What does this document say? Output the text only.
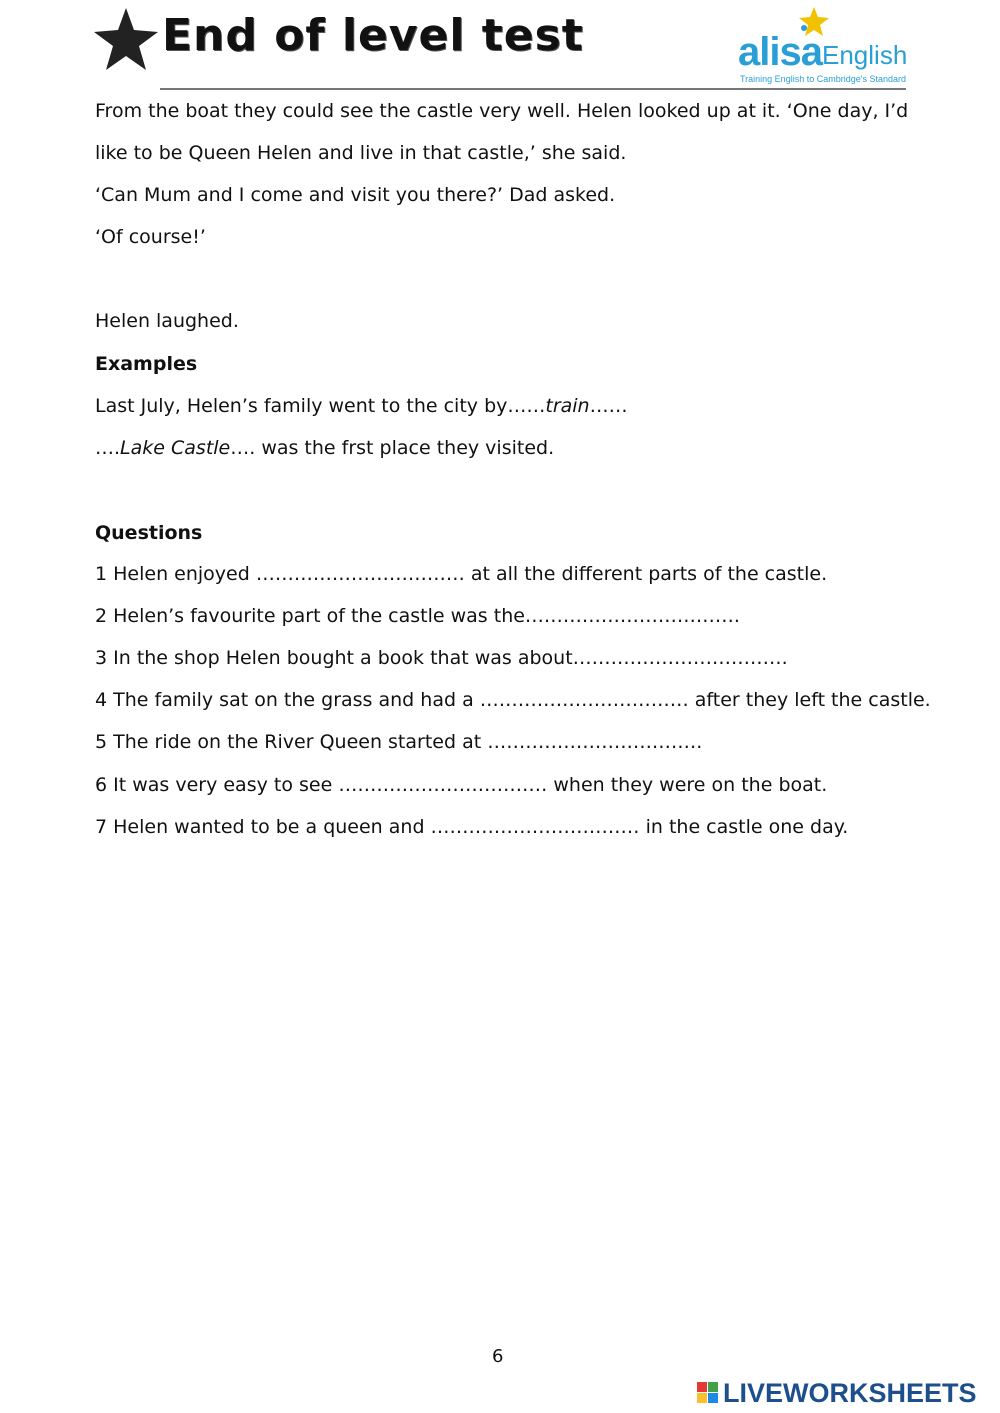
End of level test	alisa English
Training English to Cambridge's Standard
From the boat they could see the castle very well. Helen looked up at it. ‘One day, I’d
like to be Queen Helen and live in that castle,’ she said.
‘Can Mum and I come and visit you there?’ Dad asked.
‘Of course!’
Helen laughed.
Examples
Last July, Helen’s family went to the city by……train……
….Lake Castle…. was the frst place they visited.
Questions
1 Helen enjoyed …………………………… at all the different parts of the castle.
2 Helen’s favourite part of the castle was the…………………………….
3 In the shop Helen bought a book that was about…………………………….
4 The family sat on the grass and had a …………………………… after they left the castle.
5 The ride on the River Queen started at …………………………….
6 It was very easy to see …………………………… when they were on the boat.
7 Helen wanted to be a queen and …………………………… in the castle one day.
6
LIVEWORKSHEETS
